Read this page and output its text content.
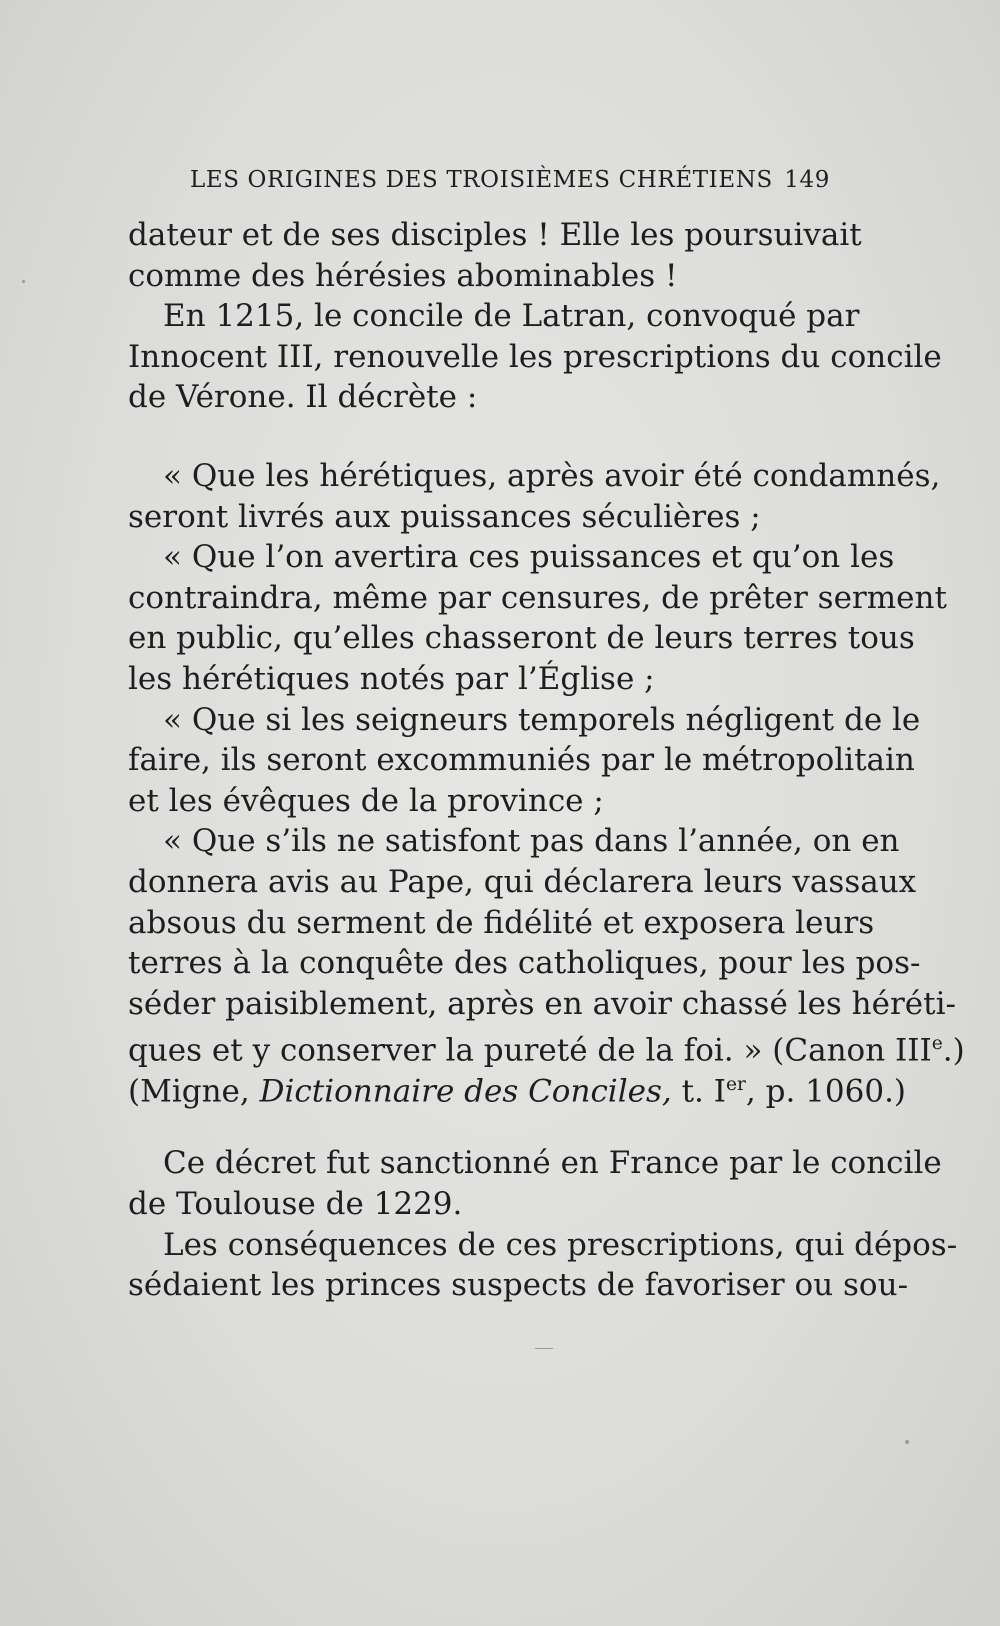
LES ORIGINES DES TROISIÈMES CHRÉTIENS 149
dateur et de ses disciples ! Elle les poursuivait
comme des hérésies abominables !
En 1215, le concile de Latran, convoqué par
Innocent III, renouvelle les prescriptions du concile
de Vérone. Il décrète :
« Que les hérétiques, après avoir été condamnés,
seront livrés aux puissances séculières ;
« Que l’on avertira ces puissances et qu’on les
contraindra, même par censures, de prêter serment
en public, qu’elles chasseront de leurs terres tous
les hérétiques notés par l’Église ;
« Que si les seigneurs temporels négligent de le
faire, ils seront excommuniés par le métropolitain
et les évêques de la province ;
« Que s’ils ne satisfont pas dans l’année, on en
donnera avis au Pape, qui déclarera leurs vassaux
absous du serment de fidélité et exposera leurs
terres à la conquête des catholiques, pour les pos-
séder paisiblement, après en avoir chassé les héréti-
ques et y conserver la pureté de la foi. » (Canon IIIe.)
(Migne, Dictionnaire des Conciles, t. Ier, p. 1060.)
Ce décret fut sanctionné en France par le concile
de Toulouse de 1229.
Les conséquences de ces prescriptions, qui dépos-
sédaient les princes suspects de favoriser ou sou-
